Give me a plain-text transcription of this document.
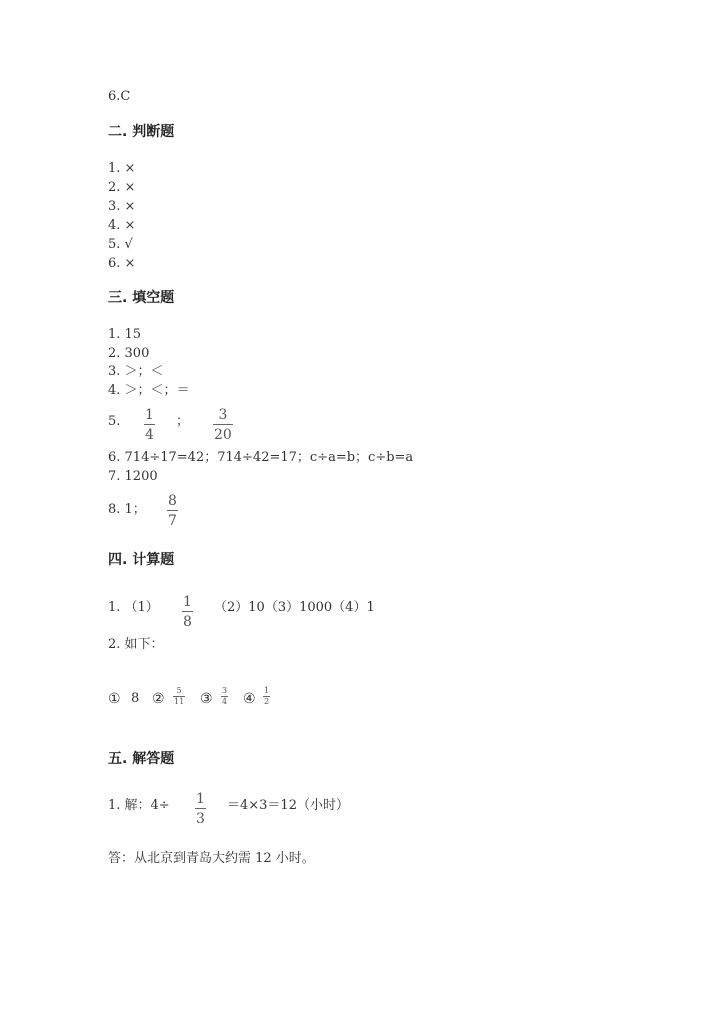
6.C
二. 判断题
1. ×
2. ×
3. ×
4. ×
5. √
6. ×
三. 填空题
1. 15
2. 300
3. ＞；＜
4. ＞；＜；＝
5. 1
4
； 3
20
6. 714÷17=42；714÷42=17；c÷a=b；c÷b=a
7. 1200
8. 1；
8
7
四. 计算题
1. （1） 1
8
（2）10（3）1000（4）1
2. 如下：
① 8 ②
5
11 ③
3
4 ④
1
2
五. 解答题
1. 解：4÷ 1
3
＝4×3＝12（小时）
答：从北京到青岛大约需 12 小时。
